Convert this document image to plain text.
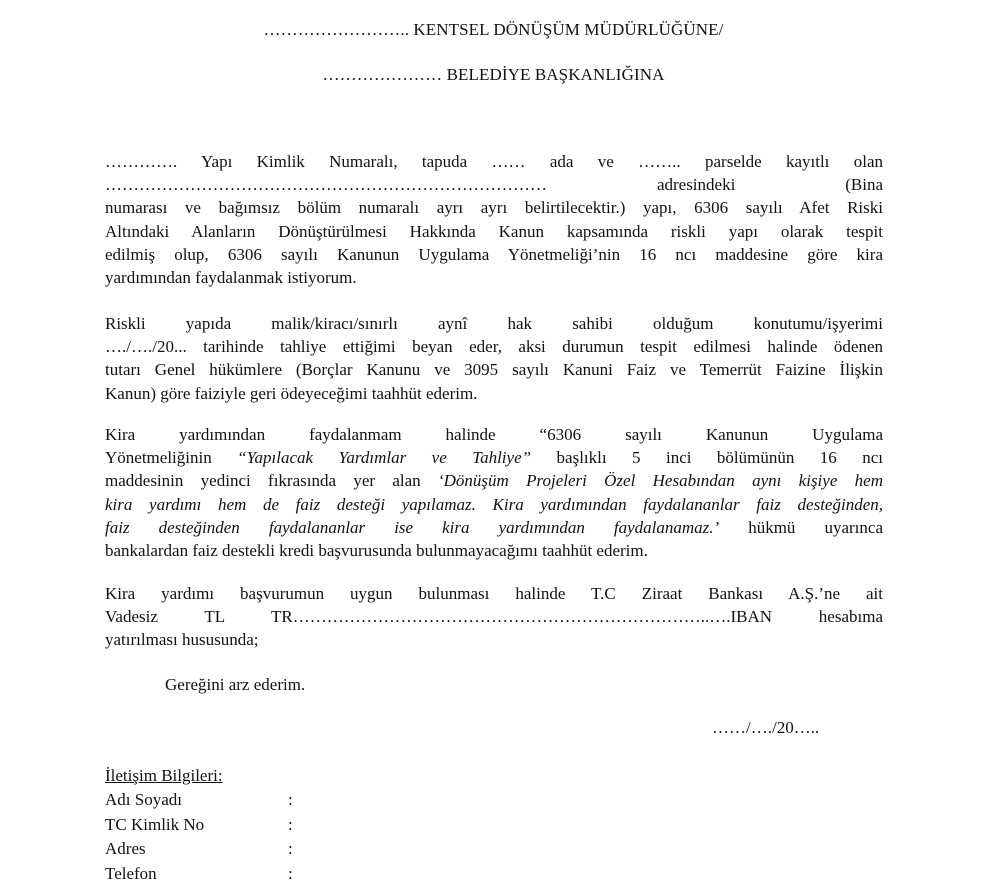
…………………….. KENTSEL DÖNÜŞÜM MÜDÜRLÜĞÜNE/
………………… BELEDİYE BAŞKANLIĞINA
…………. Yapı Kimlik Numaralı, tapuda …… ada ve …….. parselde kayıtlı olan
……………………………………………………………………	adresindeki	(Bina
numarası ve bağımsız bölüm numaralı ayrı ayrı belirtilecektir.) yapı, 6306 sayılı Afet Riski
Altındaki Alanların Dönüştürülmesi Hakkında Kanun kapsamında riskli yapı olarak tespit
edilmiş olup, 6306 sayılı Kanunun Uygulama Yönetmeliği’nin 16 ncı maddesine göre kira
yardımından faydalanmak istiyorum.
Riskli yapıda malik/kiracı/sınırlı aynî hak sahibi olduğum konutumu/işyerimi
…./…./20... tarihinde tahliye ettiğimi beyan eder, aksi durumun tespit edilmesi halinde ödenen
tutarı Genel hükümlere (Borçlar Kanunu ve 3095 sayılı Kanuni Faiz ve Temerrüt Faizine İlişkin
Kanun) göre faiziyle geri ödeyeceğimi taahhüt ederim.
Kira yardımından faydalanmam halinde “6306 sayılı Kanunun Uygulama
Yönetmeliğinin “Yapılacak Yardımlar ve Tahliye” başlıklı 5 inci bölümünün 16 ncı
maddesinin yedinci fıkrasında yer alan ‘Dönüşüm Projeleri Özel Hesabından aynı kişiye hem
kira yardımı hem de faiz desteği yapılamaz. Kira yardımından faydalananlar faiz desteğinden,
faiz desteğinden faydalananlar ise kira yardımından faydalanamaz.’ hükmü uyarınca
bankalardan faiz destekli kredi başvurusunda bulunmayacağımı taahhüt ederim.
Kira yardımı başvurumun uygun bulunması halinde T.C Ziraat Bankası A.Ş.’ne ait
Vadesiz TL TR………………………………………………………………..….IBAN hesabıma
yatırılması hususunda;
Gereğini arz ederim.
……/…./20…..
İletişim Bilgileri:
Adı Soyadı	:
TC Kimlik No	:
Adres	:
Telefon	:
